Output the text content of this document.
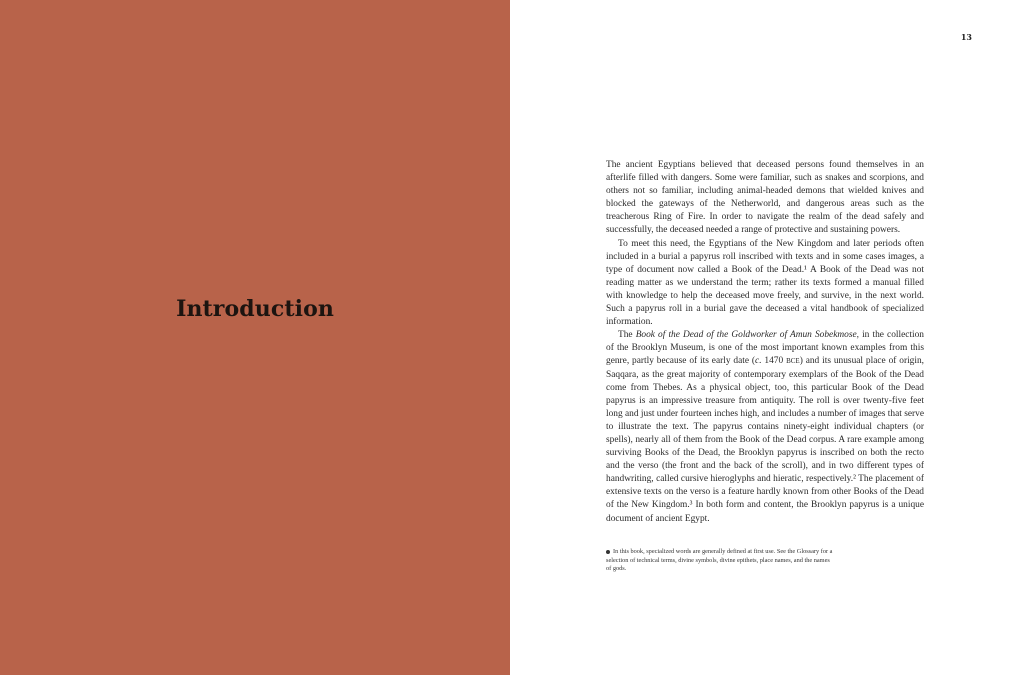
Introduction
13

The ancient Egyptians believed that deceased persons found themselves in an afterlife filled with dangers. Some were familiar, such as snakes and scorpions, and others not so familiar, including animal-headed demons that wielded knives and blocked the gateways of the Netherworld, and dangerous areas such as the treacherous Ring of Fire. In order to navigate the realm of the dead safely and successfully, the deceased needed a range of protective and sustaining powers.

To meet this need, the Egyptians of the New Kingdom and later periods often included in a burial a papyrus roll inscribed with texts and in some cases images, a type of document now called a Book of the Dead.¹ A Book of the Dead was not reading matter as we understand the term; rather its texts formed a manual filled with knowledge to help the deceased move freely, and survive, in the next world. Such a papyrus roll in a burial gave the deceased a vital handbook of specialized information.

The Book of the Dead of the Goldworker of Amun Sobekmose, in the collection of the Brooklyn Museum, is one of the most important known examples from this genre, partly because of its early date (c. 1470 bce) and its unusual place of origin, Saqqara, as the great majority of contemporary exemplars of the Book of the Dead come from Thebes. As a physical object, too, this particular Book of the Dead papyrus is an impressive treasure from antiquity. The roll is over twenty-five feet long and just under fourteen inches high, and includes a number of images that serve to illustrate the text. The papyrus contains ninety-eight individual chapters (or spells), nearly all of them from the Book of the Dead corpus. A rare example among surviving Books of the Dead, the Brooklyn papyrus is inscribed on both the recto and the verso (the front and the back of the scroll), and in two different types of handwriting, called cursive hieroglyphs and hieratic, respectively.² The placement of extensive texts on the verso is a feature hardly known from other Books of the Dead of the New Kingdom.³ In both form and content, the Brooklyn papyrus is a unique document of ancient Egypt.

In this book, specialized words are generally defined at first use. See the Glossary for a selection of technical terms, divine symbols, divine epithets, place names, and the names of gods.
